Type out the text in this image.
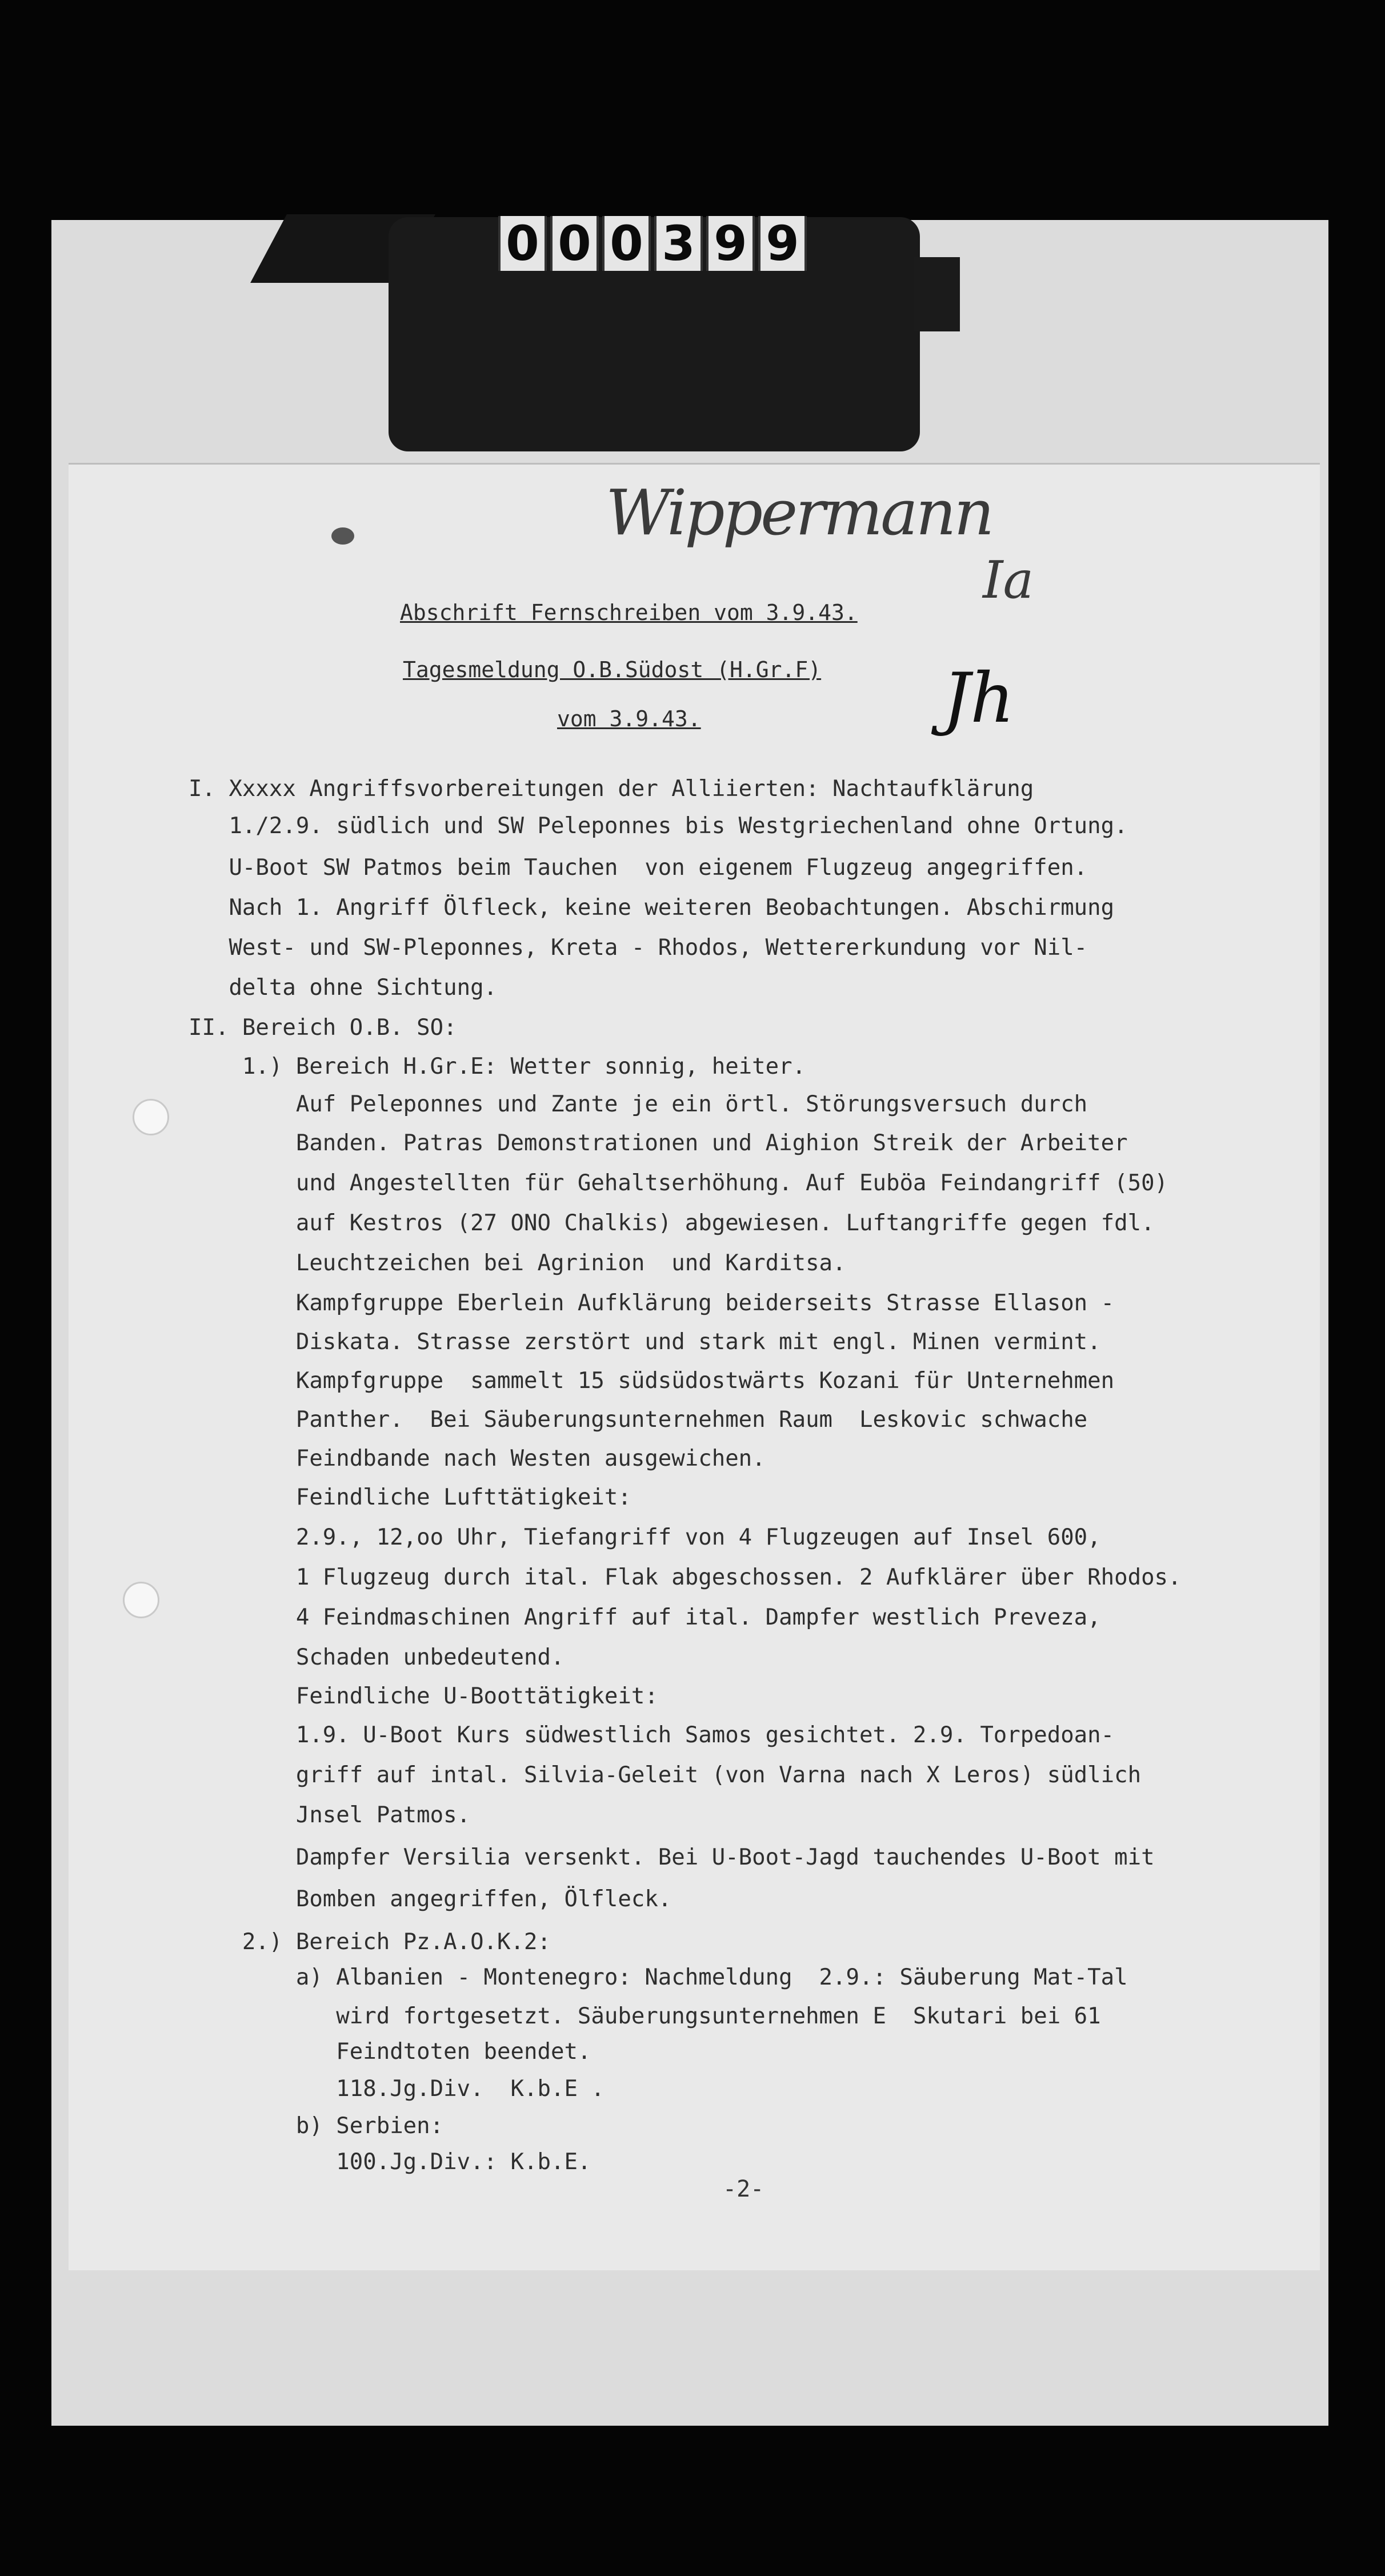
0 0 0 3 9 9
Wippermann
Ia
Jh
Abschrift Fernschreiben vom 3.9.43.
Tagesmeldung O.B.Südost (H.Gr.F)
vom 3.9.43.
I. Xxxxx Angriffsvorbereitungen der Alliierten: Nachtaufklärung
1./2.9. südlich und SW Peleponnes bis Westgriechenland ohne Ortung.
U-Boot SW Patmos beim Tauchen  von eigenem Flugzeug angegriffen.
Nach 1. Angriff Ölfleck, keine weiteren Beobachtungen. Abschirmung
West- und SW-Pleponnes, Kreta - Rhodos, Wettererkundung vor Nil-
delta ohne Sichtung.
II. Bereich O.B. SO:
1.) Bereich H.Gr.E: Wetter sonnig, heiter.
Auf Peleponnes und Zante je ein örtl. Störungsversuch durch
Banden. Patras Demonstrationen und Aighion Streik der Arbeiter
und Angestellten für Gehaltserhöhung. Auf Euböa Feindangriff (50)
auf Kestros (27 ONO Chalkis) abgewiesen. Luftangriffe gegen fdl.
Leuchtzeichen bei Agrinion  und Karditsa.
Kampfgruppe Eberlein Aufklärung beiderseits Strasse Ellason -
Diskata. Strasse zerstört und stark mit engl. Minen vermint.
Kampfgruppe  sammelt 15 südsüdostwärts Kozani für Unternehmen
Panther.  Bei Säuberungsunternehmen Raum  Leskovic schwache
Feindbande nach Westen ausgewichen.
Feindliche Lufttätigkeit:
2.9., 12,oo Uhr, Tiefangriff von 4 Flugzeugen auf Insel 600,
1 Flugzeug durch ital. Flak abgeschossen. 2 Aufklärer über Rhodos.
4 Feindmaschinen Angriff auf ital. Dampfer westlich Preveza,
Schaden unbedeutend.
Feindliche U-Boottätigkeit:
1.9. U-Boot Kurs südwestlich Samos gesichtet. 2.9. Torpedoan-
griff auf intal. Silvia-Geleit (von Varna nach X Leros) südlich
Jnsel Patmos.
Dampfer Versilia versenkt. Bei U-Boot-Jagd tauchendes U-Boot mit
Bomben angegriffen, Ölfleck.
2.) Bereich Pz.A.O.K.2:
a) Albanien - Montenegro: Nachmeldung  2.9.: Säuberung Mat-Tal
wird fortgesetzt. Säuberungsunternehmen E  Skutari bei 61
Feindtoten beendet.
118.Jg.Div.  K.b.E .
b) Serbien:
100.Jg.Div.: K.b.E.
-2-
